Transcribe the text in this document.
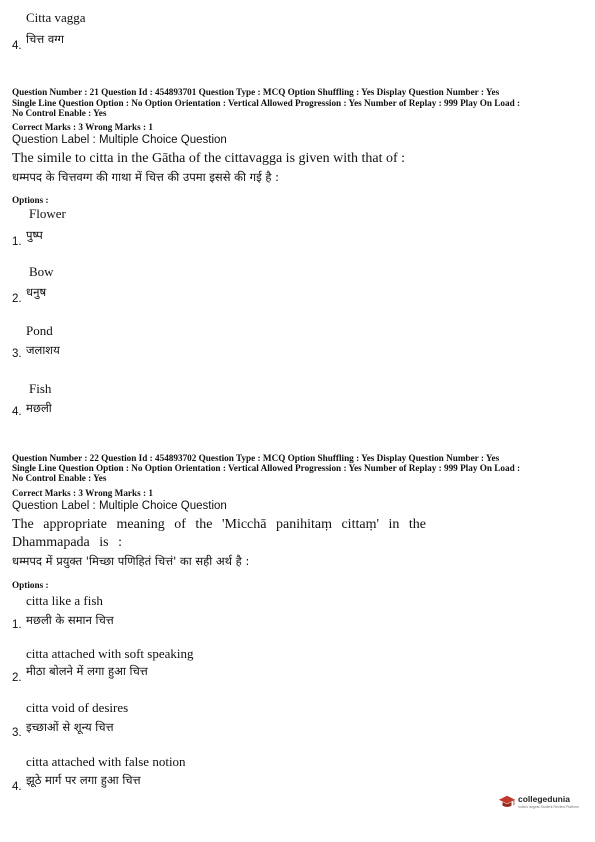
Citta vagga
4. चित्त वग्ग
Question Number : 21 Question Id : 454893701 Question Type : MCQ Option Shuffling : Yes Display Question Number : Yes
Single Line Question Option : No Option Orientation : Vertical Allowed Progression : Yes Number of Replay : 999 Play On Load :
No Control Enable : Yes
Correct Marks : 3 Wrong Marks : 1
Question Label : Multiple Choice Question
The simile to citta in the Gātha of the cittavagga is given with that of :
धम्मपद के चित्तवग्ग की गाथा में चित्त की उपमा इससे की गई है :
Options :
Flower
1. पुष्प
Bow
2. धनुष
Pond
3. जलाशय
Fish
4. मछली
Question Number : 22 Question Id : 454893702 Question Type : MCQ Option Shuffling : Yes Display Question Number : Yes
Single Line Question Option : No Option Orientation : Vertical Allowed Progression : Yes Number of Replay : 999 Play On Load :
No Control Enable : Yes
Correct Marks : 3 Wrong Marks : 1
Question Label : Multiple Choice Question
The appropriate meaning of the 'Micchā panihitaṃ cittaṃ' in the Dhammapada is :
धम्मपद में प्रयुक्त 'मिच्छा पणिहितं चित्तं' का सही अर्थ है :
Options :
citta like a fish
1. मछली के समान चित्त
citta attached with soft speaking
2. मीठा बोलने में लगा हुआ चित्त
citta void of desires
3. इच्छाओं से शून्य चित्त
citta attached with false notion
4. झूठे मार्ग पर लगा हुआ चित्त
collegedunia
India's largest Student Review Platform
